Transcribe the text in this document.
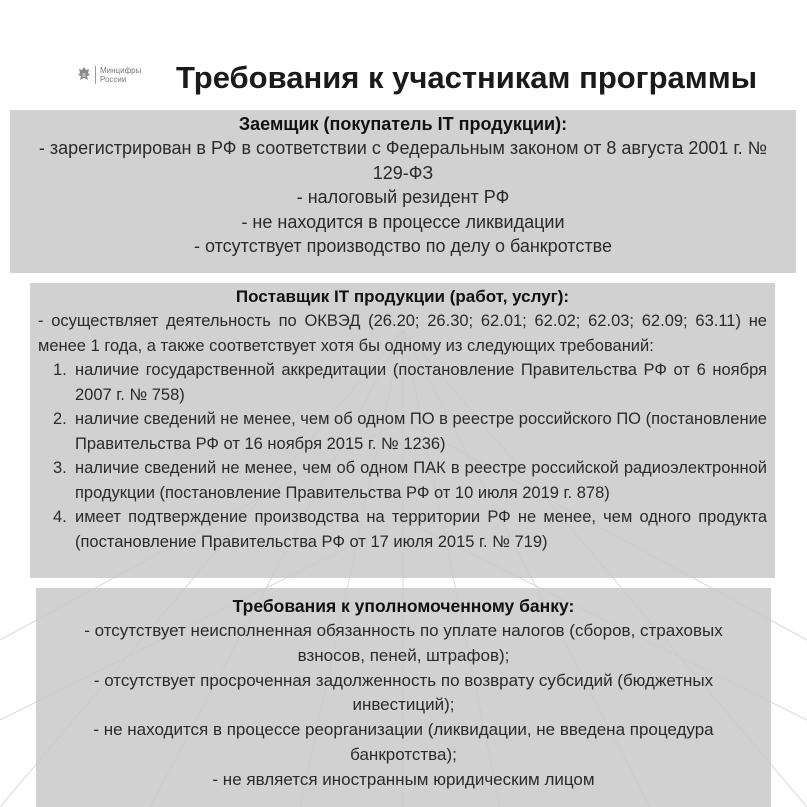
Минцифры
России	Требования к участникам программы
Заемщик (покупатель IT продукции):
- зарегистрирован в РФ в соответствии с Федеральным законом от 8 августа 2001 г. №
129-ФЗ
- налоговый резидент РФ
- не находится в процессе ликвидации
- отсутствует производство по делу о банкротстве
Поставщик IT продукции (работ, услуг):

- осуществляет деятельность по ОКВЭД (26.20; 26.30; 62.01; 62.02; 62.03; 62.09; 63.11) не менее 1 года, а также соответствует хотя бы одному из следующих требований:

1. наличие государственной аккредитации (постановление Правительства РФ от 6 ноября 2007 г. № 758)
2. наличие сведений не менее, чем об одном ПО в реестре российского ПО (постановление Правительства РФ от 16 ноября 2015 г. № 1236)
3. наличие сведений не менее, чем об одном ПАК в реестре российской радиоэлектронной продукции (постановление Правительства РФ от 10 июля 2019 г. 878)
4. имеет подтверждение производства на территории РФ не менее, чем одного продукта (постановление Правительства РФ от 17 июля 2015 г. № 719)
Требования к уполномоченному банку:
- отсутствует неисполненная обязанность по уплате налогов (сборов, страховых
взносов, пеней, штрафов);
- отсутствует просроченная задолженность по возврату субсидий (бюджетных
инвестиций);
- не находится в процессе реорганизации (ликвидации, не введена процедура
банкротства);
- не является иностранным юридическим лицом
